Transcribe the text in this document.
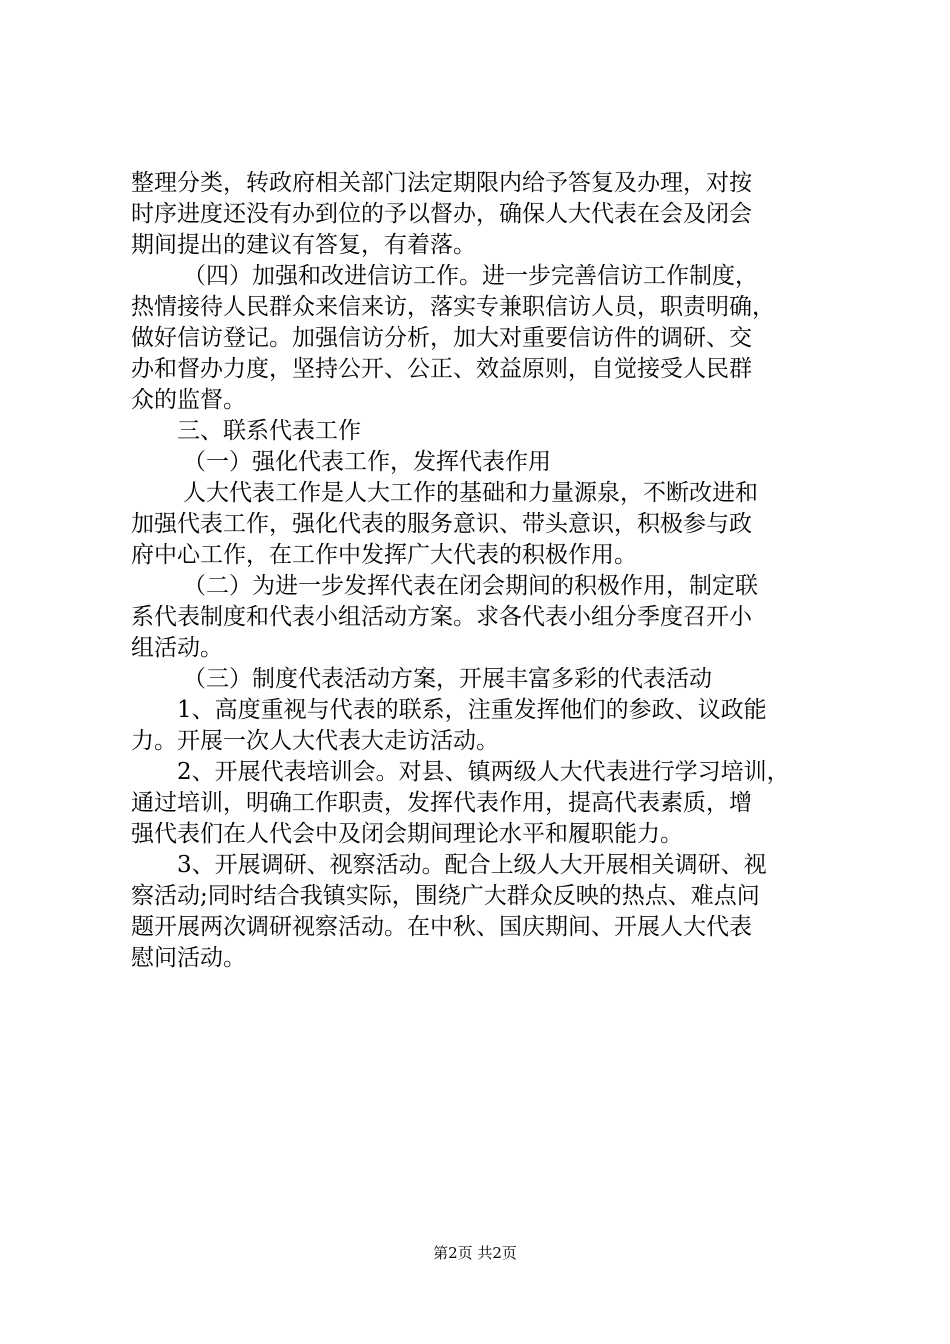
整理分类，转政府相关部门法定期限内给予答复及办理，对按
时序进度还没有办到位的予以督办，确保人大代表在会及闭会
期间提出的建议有答复，有着落。
（四）加强和改进信访工作。进一步完善信访工作制度，
热情接待人民群众来信来访，落实专兼职信访人员，职责明确，
做好信访登记。加强信访分析，加大对重要信访件的调研、交
办和督办力度，坚持公开、公正、效益原则，自觉接受人民群
众的监督。
三、联系代表工作
（一）强化代表工作，发挥代表作用
人大代表工作是人大工作的基础和力量源泉，不断改进和
加强代表工作，强化代表的服务意识、带头意识，积极参与政
府中心工作，在工作中发挥广大代表的积极作用。
（二）为进一步发挥代表在闭会期间的积极作用，制定联
系代表制度和代表小组活动方案。求各代表小组分季度召开小
组活动。
（三）制度代表活动方案，开展丰富多彩的代表活动
1、高度重视与代表的联系，注重发挥他们的参政、议政能
力。开展一次人大代表大走访活动。
2、开展代表培训会。对县、镇两级人大代表进行学习培训，
通过培训，明确工作职责，发挥代表作用，提高代表素质，增
强代表们在人代会中及闭会期间理论水平和履职能力。
3、开展调研、视察活动。配合上级人大开展相关调研、视
察活动;同时结合我镇实际，围绕广大群众反映的热点、难点问
题开展两次调研视察活动。在中秋、国庆期间、开展人大代表
慰问活动。
第2页 共2页
